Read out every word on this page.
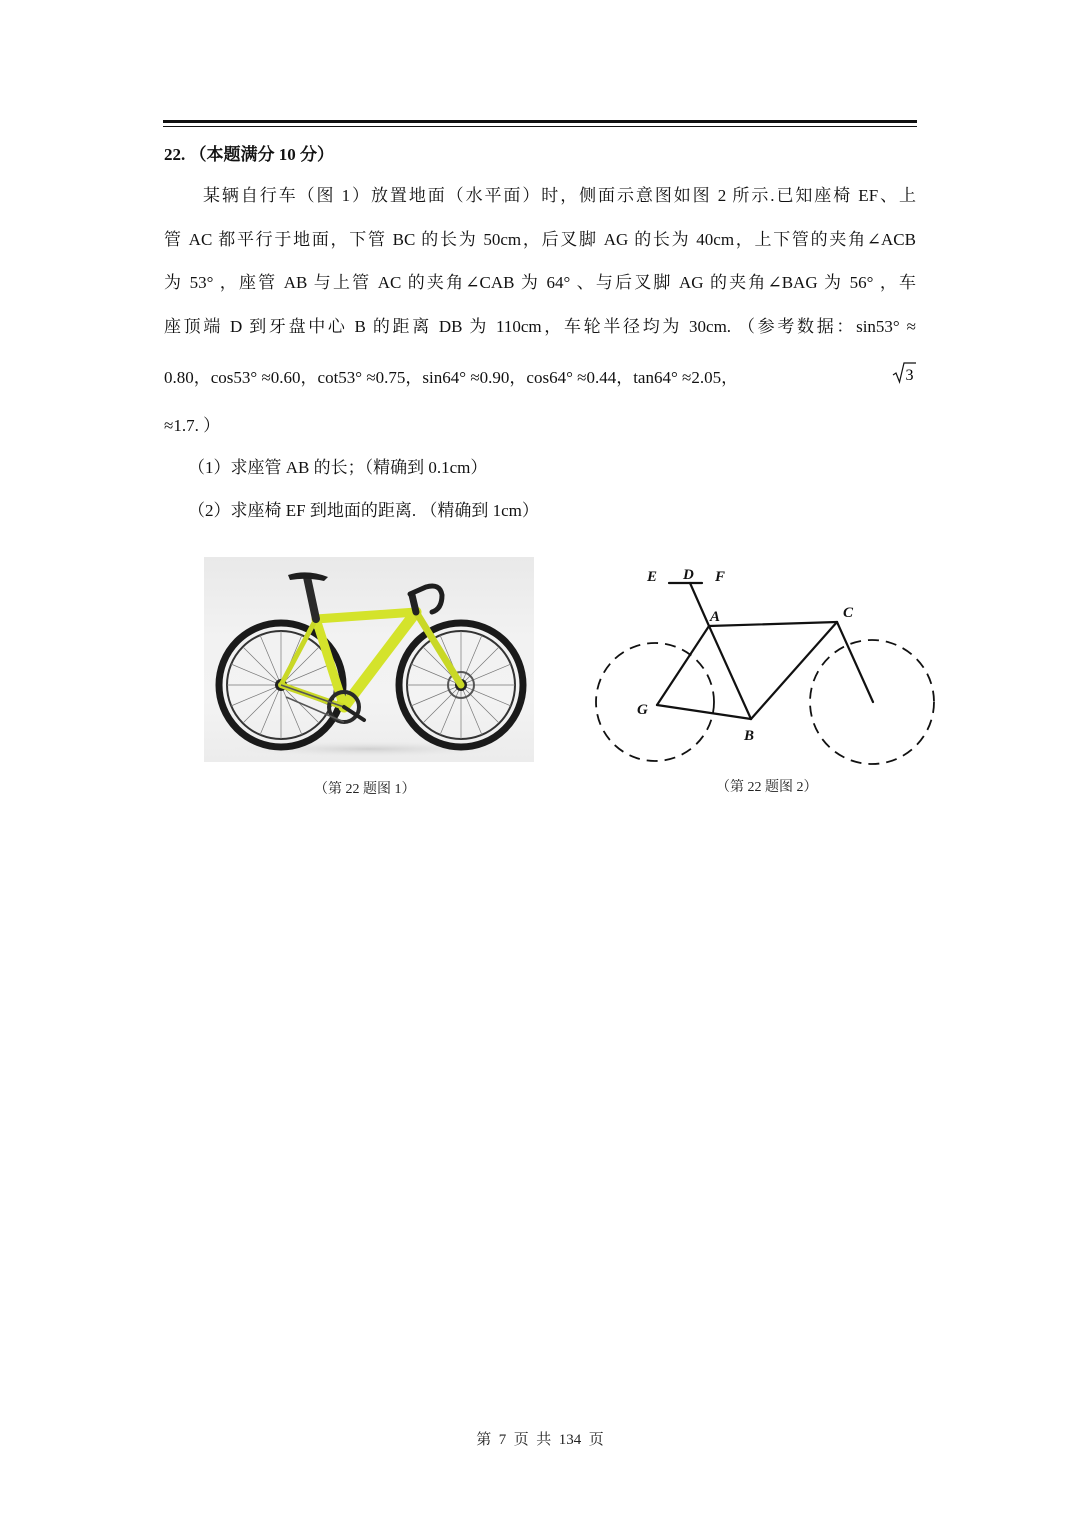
22. （本题满分 10 分）
某辆自行车（图 1）放置地面（水平面）时，侧面示意图如图 2 所示.已知座椅 EF、上
管 AC 都平行于地面，下管 BC 的长为 50cm，后叉脚 AG 的长为 40cm，上下管的夹角∠ACB
为 53° ，座管 AB 与上管 AC 的夹角∠CAB 为 64° 、与后叉脚 AG 的夹角∠BAG 为 56° ，车
座顶端 D 到牙盘中心 B 的距离 DB 为 110cm，车轮半径均为 30cm. （参考数据：sin53° ≈
0.80，cos53° ≈0.60，cot53° ≈0.75，sin64° ≈0.90，cos64° ≈0.44，tan64° ≈2.05，	3
≈1.7. ）
（1）求座管 AB 的长；（精确到 0.1cm）
（2）求座椅 EF 到地面的距离. （精确到 1cm）
（第 22 题图 1）
E D F
A	C
G
B
（第 22 题图 2）
第 7 页 共 134 页
